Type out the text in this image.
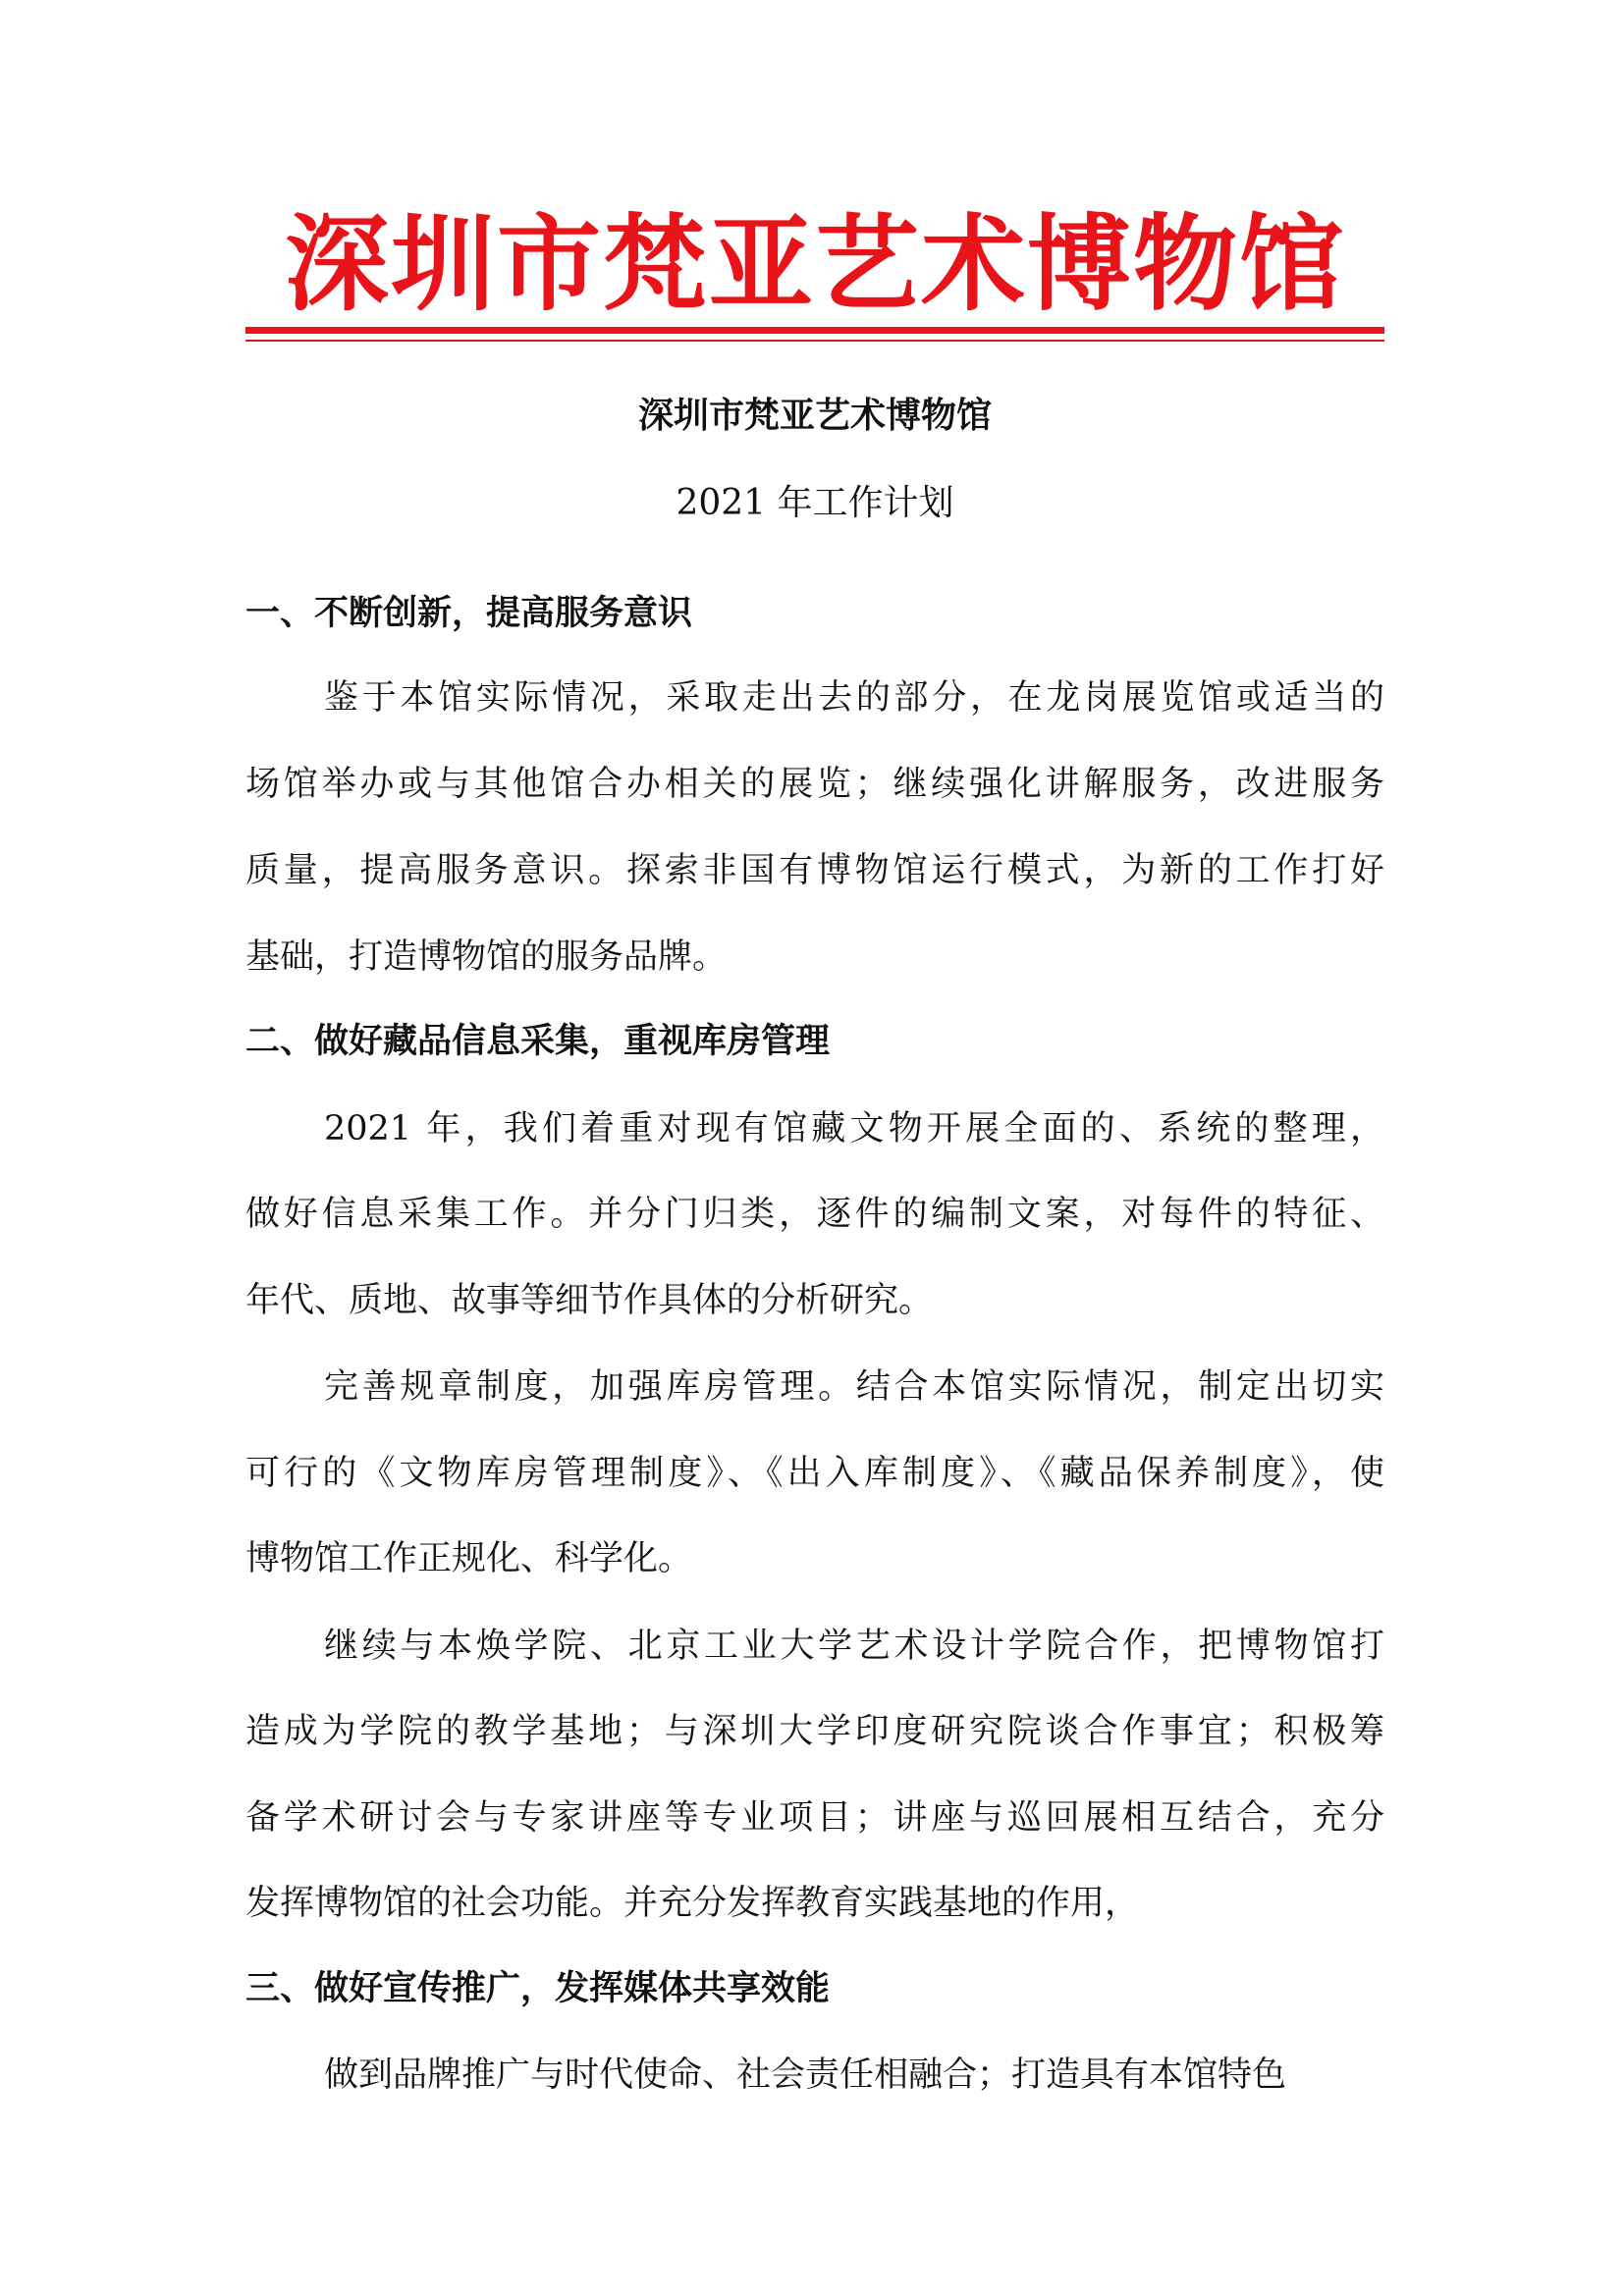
深圳市梵亚艺术博物馆
深圳市梵亚艺术博物馆
2021 年工作计划
一、不断创新，提高服务意识
鉴于本馆实际情况，采取走出去的部分，在龙岗展览馆或适当的
场馆举办或与其他馆合办相关的展览；继续强化讲解服务，改进服务
质量，提高服务意识。探索非国有博物馆运行模式，为新的工作打好
基础，打造博物馆的服务品牌。
二、做好藏品信息采集，重视库房管理
2021 年，我们着重对现有馆藏文物开展全面的、系统的整理，
做好信息采集工作。并分门归类，逐件的编制文案，对每件的特征、
年代、质地、故事等细节作具体的分析研究。
完善规章制度，加强库房管理。结合本馆实际情况，制定出切实
可行的《文物库房管理制度》、《出入库制度》、《藏品保养制度》，使
博物馆工作正规化、科学化。
继续与本焕学院、北京工业大学艺术设计学院合作，把博物馆打
造成为学院的教学基地；与深圳大学印度研究院谈合作事宜；积极筹
备学术研讨会与专家讲座等专业项目；讲座与巡回展相互结合，充分
发挥博物馆的社会功能。并充分发挥教育实践基地的作用，
三、做好宣传推广，发挥媒体共享效能
做到品牌推广与时代使命、社会责任相融合；打造具有本馆特色
